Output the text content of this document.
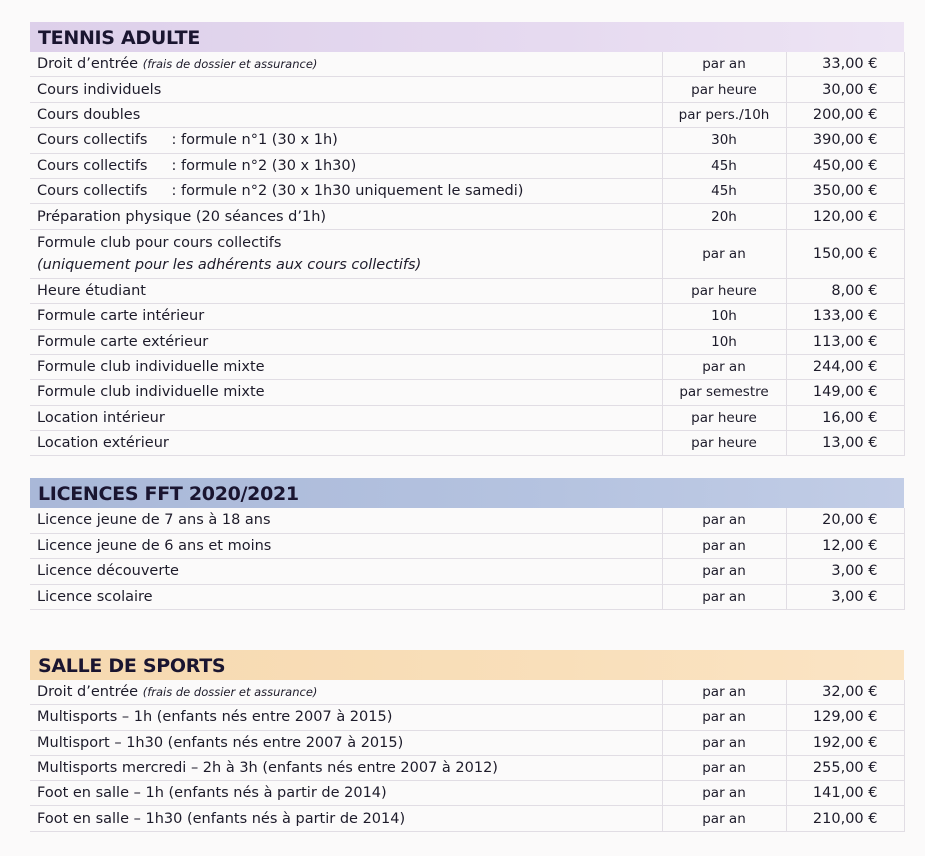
TENNIS ADULTE
Droit d’entrée (frais de dossier et assurance)	par an	33,00 €
Cours individuels	par heure	30,00 €
Cours doubles	par pers./10h	200,00 €
Cours collectifs : formule n°1 (30 x 1h)	30h	390,00 €
Cours collectifs : formule n°2 (30 x 1h30)	45h	450,00 €
Cours collectifs : formule n°2 (30 x 1h30 uniquement le samedi)	45h	350,00 €
Préparation physique (20 séances d’1h)	20h	120,00 €
Formule club pour cours collectifs
(uniquement pour les adhérents aux cours collectifs)	par an	150,00 €
Heure étudiant	par heure	8,00 €
Formule carte intérieur	10h	133,00 €
Formule carte extérieur	10h	113,00 €
Formule club individuelle mixte	par an	244,00 €
Formule club individuelle mixte	par semestre	149,00 €
Location intérieur	par heure	16,00 €
Location extérieur	par heure	13,00 €
LICENCES FFT 2020/2021
Licence jeune de 7 ans à 18 ans	par an	20,00 €
Licence jeune de 6 ans et moins	par an	12,00 €
Licence découverte	par an	3,00 €
Licence scolaire	par an	3,00 €
SALLE DE SPORTS
Droit d’entrée (frais de dossier et assurance)	par an	32,00 €
Multisports – 1h (enfants nés entre 2007 à 2015)	par an	129,00 €
Multisport – 1h30 (enfants nés entre 2007 à 2015)	par an	192,00 €
Multisports mercredi – 2h à 3h (enfants nés entre 2007 à 2012)	par an	255,00 €
Foot en salle – 1h (enfants nés à partir de 2014)	par an	141,00 €
Foot en salle – 1h30 (enfants nés à partir de 2014)	par an	210,00 €
